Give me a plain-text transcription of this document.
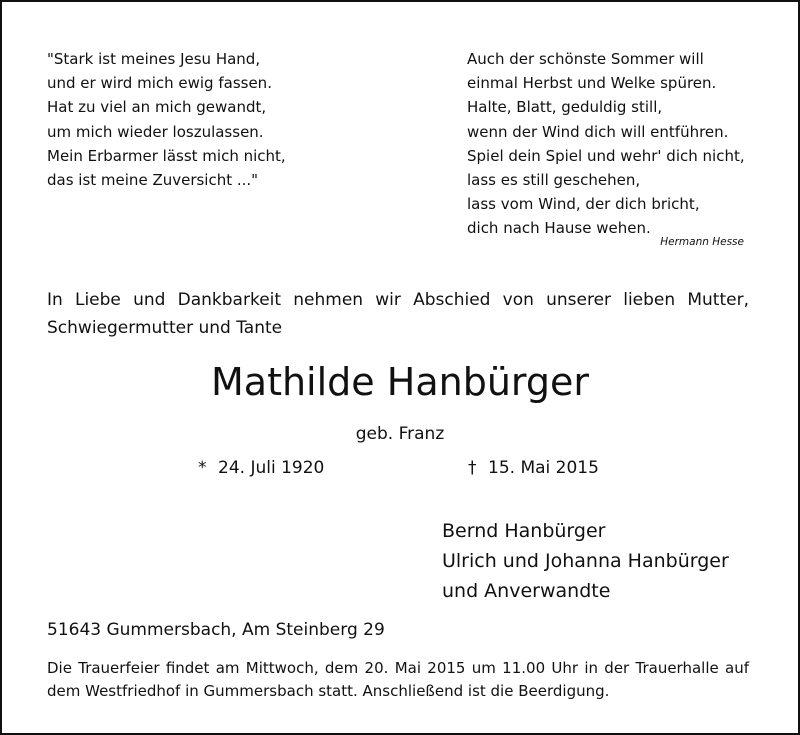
"Stark ist meines Jesu Hand,
und er wird mich ewig fassen.
Hat zu viel an mich gewandt,
um mich wieder loszulassen.
Mein Erbarmer lässt mich nicht,
das ist meine Zuversicht ..."
Auch der schönste Sommer will
einmal Herbst und Welke spüren.
Halte, Blatt, geduldig still,
wenn der Wind dich will entführen.
Spiel dein Spiel und wehr' dich nicht,
lass es still geschehen,
lass vom Wind, der dich bricht,
dich nach Hause wehen.
Hermann Hesse
In Liebe und Dankbarkeit nehmen wir Abschied von unserer lieben Mutter, Schwiegermutter und Tante
Mathilde Hanbürger
geb. Franz
* 24. Juli 1920	† 15. Mai 2015
Bernd Hanbürger
Ulrich und Johanna Hanbürger
und Anverwandte
51643 Gummersbach, Am Steinberg 29
Die Trauerfeier findet am Mittwoch, dem 20. Mai 2015 um 11.00 Uhr in der Trauerhalle auf dem Westfriedhof in Gummersbach statt. Anschließend ist die Beerdigung.
